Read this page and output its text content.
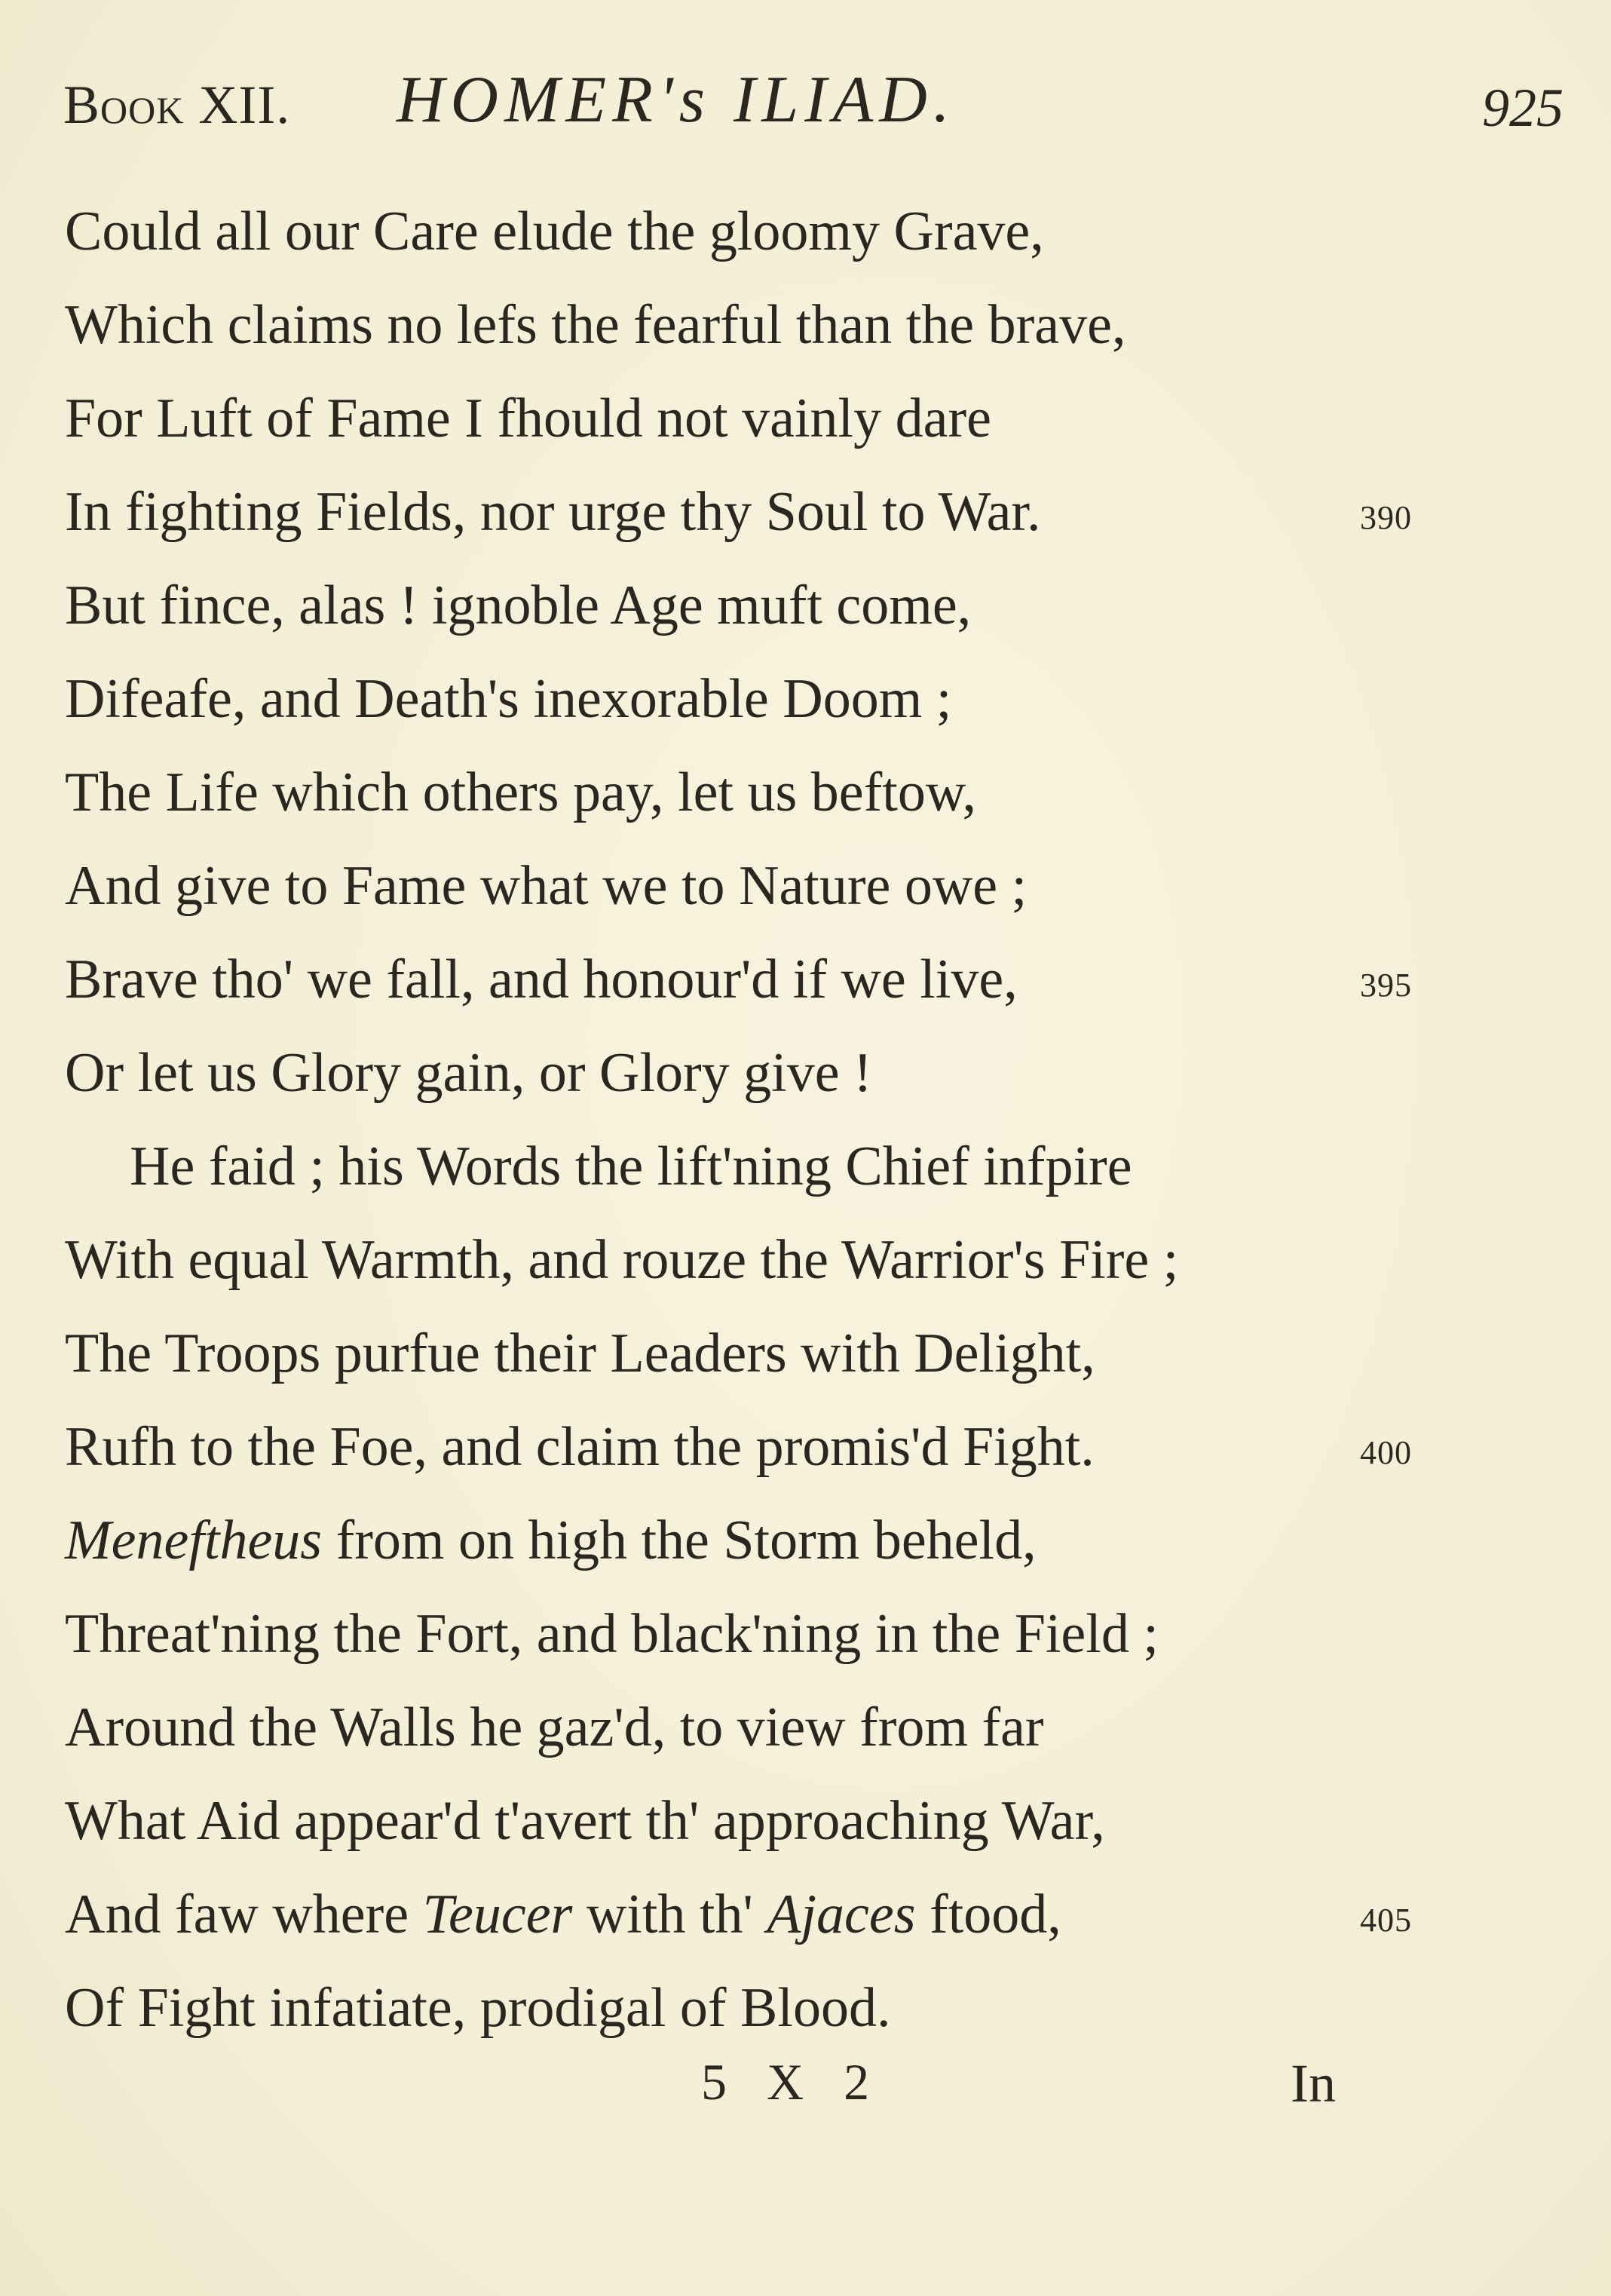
Book XII. HOMER's ILIAD.	925
Could all our Care elude the gloomy Grave,
Which claims no lefs the fearful than the brave,
For Luft of Fame I fhould not vainly dare
In fighting Fields, nor urge thy Soul to War.	390
But fince, alas ! ignoble Age muft come,
Difeafe, and Death's inexorable Doom ;
The Life which others pay, let us beftow,
And give to Fame what we to Nature owe ;
Brave tho' we fall, and honour'd if we live,	395
Or let us Glory gain, or Glory give !
He faid ; his Words the lift'ning Chief infpire
With equal Warmth, and rouze the Warrior's Fire ;
The Troops purfue their Leaders with Delight,
Rufh to the Foe, and claim the promis'd Fight.	400
Meneftheus from on high the Storm beheld,
Threat'ning the Fort, and black'ning in the Field ;
Around the Walls he gaz'd, to view from far
What Aid appear'd t'avert th' approaching War,
And faw where Teucer with th' Ajaces ftood,	405
Of Fight infatiate, prodigal of Blood.
5 X 2	In
